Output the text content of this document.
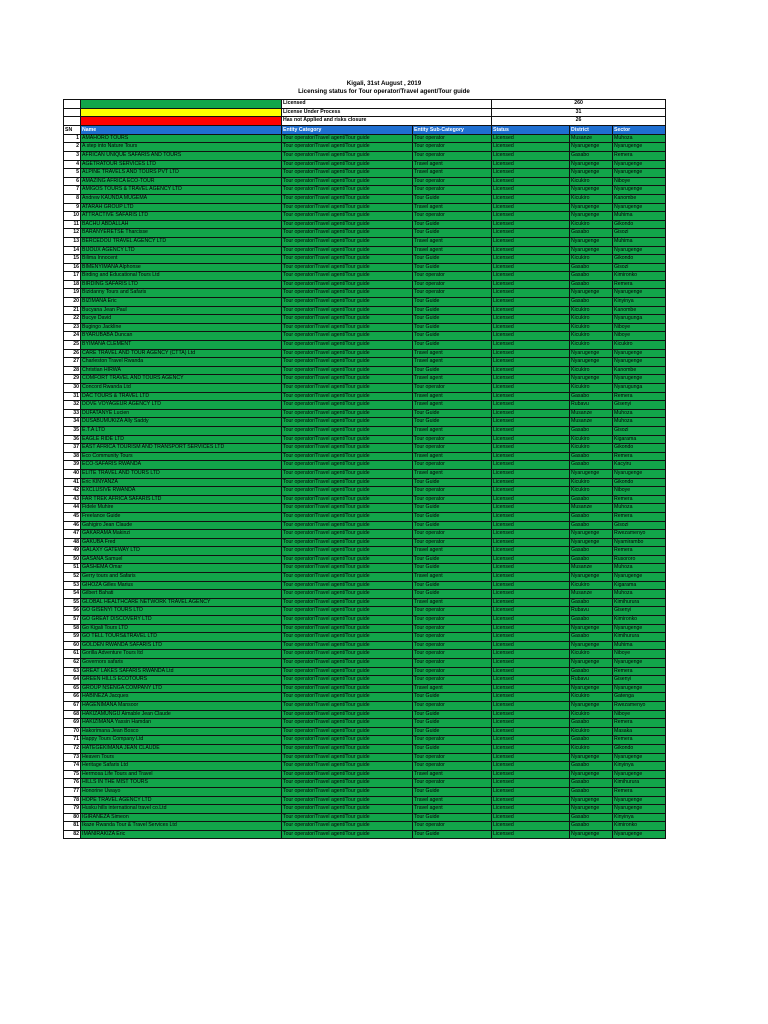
Kigali, 31st August , 2019
Licensing status for Tour operator/Travel agent/Tour guide
		Licensed		260		
		License Under Process		31		
		Has not Applied and risks closure		26		
SN	Name	Entity Category	Entity Sub-Category	Status	District	Sector
1	AMAHORO TOURS	Tour operator/Travel agent/Tour guide	Tour operator	Licensed	Musanze	Muhoza
2	A step into Nature Tours	Tour operator/Travel agent/Tour guide	Tour operator	Licensed	Nyarugenge	Nyarugenge
3	AFRICAN UNIQUE SAFARIS AND TOURS	Tour operator/Travel agent/Tour guide	Tour operator	Licensed	Gasabo	Remera
4	AGETRATOUR SERVICES LTD	Tour operator/Travel agent/Tour guide	Travel agent	Licensed	Nyarugenge	Nyarugenge
5	ALPINE TRAVELS AND TOURS PVT LTD	Tour operator/Travel agent/Tour guide	Travel agent	Licensed	Nyarugenge	Nyarugenge
6	AMAZING AFRICA ECO-TOUR	Tour operator/Travel agent/Tour guide	Tour operator	Licensed	Kicukiro	Niboye
7	AMIGOS TOURS & TRAVEL AGENCY LTD	Tour operator/Travel agent/Tour guide	Tour operator	Licensed	Nyarugenge	Nyarugenge
8	Andrew KAUNDA MUGEMA	Tour operator/Travel agent/Tour guide	Tour Guide	Licensed	Kicukiro	Kanombe
9	ATARAH GROUP LTD	Tour operator/Travel agent/Tour guide	Travel agent	Licensed	Nyarugenge	Nyarugenge
10	ATTRACTIVE SAFARIS LTD	Tour operator/Travel agent/Tour guide	Tour operator	Licensed	Nyarugenge	Muhima
11	BACHU ABDALLAH	Tour operator/Travel agent/Tour guide	Tour Guide	Licensed	Kicukiro	Gikondo
12	BARANYERETSE Tharcisse	Tour operator/Travel agent/Tour guide	Tour Guide	Licensed	Gasabo	Gisozi
13	BERCEDOU TRAVEL AGENCY LTD	Tour operator/Travel agent/Tour guide	Travel agent	Licensed	Nyarugenge	Muhima
14	BIJOUX AGENCY LTD	Tour operator/Travel agent/Tour guide	Travel agent	Licensed	Nyarugenge	Nyarugenge
15	Bilima Innocent	Tour operator/Travel agent/Tour guide	Tour Guide	Licensed	Kicukiro	Gikondo
16	BIMENYIMANA Alphonse	Tour operator/Travel agent/Tour guide	Tour Guide	Licensed	Gasabo	Gisozi
17	Birding and Educational Tours Ltd	Tour operator/Travel agent/Tour guide	Tour operator	Licensed	Gasabo	Kimironko
18	BIRDING SAFARIS LTD	Tour operator/Travel agent/Tour guide	Tour operator	Licensed	Gasabo	Remera
19	Bizidanny Tours and Safaris	Tour operator/Travel agent/Tour guide	Tour operator	Licensed	Nyarugenge	Nyarugenge
20	BIZIMANA Eric	Tour operator/Travel agent/Tour guide	Tour Guide	Licensed	Gasabo	Kinyinya
21	Bucyana Jean Paul	Tour operator/Travel agent/Tour guide	Tour Guide	Licensed	Kicukiro	Kanombe
22	Bucye David	Tour operator/Travel agent/Tour guide	Tour Guide	Licensed	Kicukiro	Nyarugunga
23	Bugingo Jackline	Tour operator/Travel agent/Tour guide	Tour Guide	Licensed	Kicukiro	Niboye
24	BYARUBABA Duncan	Tour operator/Travel agent/Tour guide	Tour Guide	Licensed	Kicukiro	Niboye
25	BYIMANA CLEMENT	Tour operator/Travel agent/Tour guide	Tour Guide	Licensed	Kicukiro	Kicukiro
26	CARE TRAVEL AND TOUR AGENCY (CTTA) Ltd	Tour operator/Travel agent/Tour guide	Travel agent	Licensed	Nyarugenge	Nyarugenge
27	Charleston Travel Rwanda	Tour operator/Travel agent/Tour guide	Travel agent	Licensed	Nyarugenge	Nyarugenge
28	Christian HIRWA	Tour operator/Travel agent/Tour guide	Tour Guide	Licensed	Kicukiro	Kanombe
29	COMFORT TRAVEL AND TOURS AGENCY	Tour operator/Travel agent/Tour guide	Travel agent	Licensed	Nyarugenge	Nyarugenge
30	Concord Rwanda Ltd	Tour operator/Travel agent/Tour guide	Tour operator	Licensed	Kicukiro	Nyarugunga
31	DAC TOURS & TRAVEL LTD	Tour operator/Travel agent/Tour guide	Travel agent	Licensed	Gasabo	Remera
32	DOVE VOYAGEUR AGENCY LTD	Tour operator/Travel agent/Tour guide	Travel agent	Licensed	Rubavu	Gisenyi
33	DUFATANYE Lucien	Tour operator/Travel agent/Tour guide	Tour Guide	Licensed	Musanze	Muhoza
34	DUSABUMUKIZA Ally Saddy	Tour operator/Travel agent/Tour guide	Tour Guide	Licensed	Musanze	Muhoza
35	E.T.A LTD	Tour operator/Travel agent/Tour guide	Travel agent	Licensed	Gasabo	Gisozi
36	EAGLE RIDE LTD	Tour operator/Travel agent/Tour guide	Tour operator	Licensed	Kicukiro	Kigarama
37	EAST AFRICA TOURISM AND TRANSPORT SERVICES LTD	Tour operator/Travel agent/Tour guide	Tour operator	Licensed	Kicukiro	Gikondo
38	Eco Community Tours	Tour operator/Travel agent/Tour guide	Travel agent	Licensed	Gasabo	Remera
39	ECO-SAFARIS RWANDA	Tour operator/Travel agent/Tour guide	Tour operator	Licensed	Gasabo	Kacyiru
40	ELITE TRAVEL AND TOURS LTD	Tour operator/Travel agent/Tour guide	Travel agent	Licensed	Nyarugenge	Nyarugenge
41	Eric KINYANZA	Tour operator/Travel agent/Tour guide	Tour Guide	Licensed	Kicukiro	Gikondo
42	EXCLUSIVE RWANDA	Tour operator/Travel agent/Tour guide	Tour operator	Licensed	Kicukiro	Niboye
43	FAR TREK AFRICA SAFARIS LTD	Tour operator/Travel agent/Tour guide	Tour operator	Licensed	Gasabo	Remera
44	Fidele Muhire	Tour operator/Travel agent/Tour guide	Tour Guide	Licensed	Musanze	Muhoza
45	Freelance Guide	Tour operator/Travel agent/Tour guide	Tour Guide	Licensed	Gasabo	Remera
46	Gahigiro Jean Claude	Tour operator/Travel agent/Tour guide	Tour Guide	Licensed	Gasabo	Gisozi
47	GAKARAMA Makinzi	Tour operator/Travel agent/Tour guide	Tour operator	Licensed	Nyarugenge	Rwezamenyo
48	GAKUBA Fred	Tour operator/Travel agent/Tour guide	Tour operator	Licensed	Nyarugenge	Nyamirambo
49	GALAXY GATEWAY LTD	Tour operator/Travel agent/Tour guide	Travel agent	Licensed	Gasabo	Remera
50	GASANA Samuel	Tour operator/Travel agent/Tour guide	Tour Guide	Licensed	Gasabo	Rusororo
51	GASHEMA Omar	Tour operator/Travel agent/Tour guide	Tour Guide	Licensed	Musanze	Muhoza
52	Gerry tours and Safaris	Tour operator/Travel agent/Tour guide	Travel agent	Licensed	Nyarugenge	Nyarugenge
53	GIHOZA Gilles Marius	Tour operator/Travel agent/Tour guide	Tour Guide	Licensed	Kicukiro	Kigarama
54	Gilbert Bahati	Tour operator/Travel agent/Tour guide	Tour Guide	Licensed	Musanze	Muhoza
55	GLOBAL HEALTHCARE NETWORK TRAVEL AGENCY	Tour operator/Travel agent/Tour guide	Travel agent	Licensed	Gasabo	Kimihurura
56	GO GISENYI TOURS LTD	Tour operator/Travel agent/Tour guide	Tour operator	Licensed	Rubavu	Gisenyi
57	GO GREAT DISCOVERY LTD	Tour operator/Travel agent/Tour guide	Tour operator	Licensed	Gasabo	Kimironko
58	Go Kigali Tours LTD	Tour operator/Travel agent/Tour guide	Tour operator	Licensed	Nyarugenge	Nyarugenge
59	GO TELL TOURS&TRAVEL LTD	Tour operator/Travel agent/Tour guide	Tour operator	Licensed	Gasabo	Kimihurura
60	GOLDEN RWANDA SAFARIS LTD	Tour operator/Travel agent/Tour guide	Tour operator	Licensed	Nyarugenge	Muhima
61	Gorilla Adventure Tours ltd	Tour operator/Travel agent/Tour guide	Tour operator	Licensed	Kicukiro	Niboye
62	Governors safaris	Tour operator/Travel agent/Tour guide	Tour operator	Licensed	Nyarugenge	Nyarugenge
63	GREAT LAKES SAFARIS RWANDA Ltd	Tour operator/Travel agent/Tour guide	Tour operator	Licensed	Gasabo	Remera
64	GREEN HILLS ECOTOURS	Tour operator/Travel agent/Tour guide	Tour operator	Licensed	Rubavu	Gisenyi
65	GROUP NSENGA COMPANY LTD	Tour operator/Travel agent/Tour guide	Travel agent	Licensed	Nyarugenge	Nyarugenge
66	HABINEZA Jacques	Tour operator/Travel agent/Tour guide	Tour Guide	Licensed	Kicukiro	Gatenga
67	HAGENIMANA Mansoor	Tour operator/Travel agent/Tour guide	Tour operator	Licensed	Nyarugenge	Rwezamenyo
68	HAKIZAMUNGU Aimable Jean Claude	Tour operator/Travel agent/Tour guide	Tour Guide	Licensed	Kicukiro	Niboye
69	HAKIZIMANA Yassin Hamdan	Tour operator/Travel agent/Tour guide	Tour Guide	Licensed	Gasabo	Remera
70	Hakorimana Jean Bosco	Tour operator/Travel agent/Tour guide	Tour Guide	Licensed	Kicukiro	Masaka
71	Happy Tours Company Ltd	Tour operator/Travel agent/Tour guide	Tour operator	Licensed	Gasabo	Remera
72	HATEGEKIMANA JEAN CLAUDE	Tour operator/Travel agent/Tour guide	Tour Guide	Licensed	Kicukiro	Gikondo
73	Heaven Tours	Tour operator/Travel agent/Tour guide	Tour operator	Licensed	Nyarugenge	Nyarugenge
74	Heritage Safaris Ltd	Tour operator/Travel agent/Tour guide	Tour operator	Licensed	Gasabo	Kinyinya
75	Hermosa Life Tours and Travel	Tour operator/Travel agent/Tour guide	Travel agent	Licensed	Nyarugenge	Nyarugenge
76	HILLS IN THE MIST TOURS	Tour operator/Travel agent/Tour guide	Tour operator	Licensed	Gasabo	Kimihurura
77	Honorine Uwayo	Tour operator/Travel agent/Tour guide	Tour Guide	Licensed	Gasabo	Remera
78	HOPE TRAVEL AGENCY LTD	Tour operator/Travel agent/Tour guide	Travel agent	Licensed	Nyarugenge	Nyarugenge
79	Husku hills international travel co.Ltd	Tour operator/Travel agent/Tour guide	Travel agent	Licensed	Nyarugenge	Nyarugenge
80	IGIRANEZA Simeon	Tour operator/Travel agent/Tour guide	Tour Guide	Licensed	Gasabo	Kinyinya
81	Ikaze Rwanda Tour & Travel Services Ltd	Tour operator/Travel agent/Tour guide	Tour operator	Licensed	Gasabo	Kimironko
82	IMANIRAKIZA Eric	Tour operator/Travel agent/Tour guide	Tour Guide	Licensed	Nyarugenge	Nyarugenge
